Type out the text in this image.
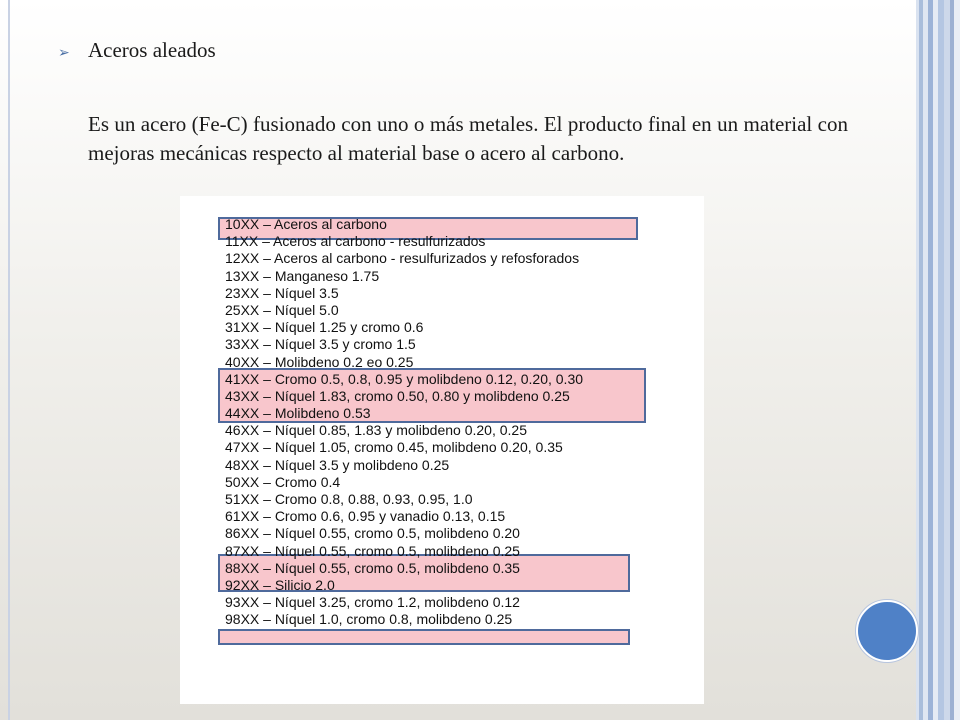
➢ Aceros aleados
Es un acero (Fe-C) fusionado con uno o más metales. El producto final en un material con mejoras mecánicas respecto al material base o acero al carbono.
10XX – Aceros al carbono
11XX – Aceros al carbono - resulfurizados
12XX – Aceros al carbono - resulfurizados y refosforados
13XX – Manganeso 1.75
23XX – Níquel 3.5
25XX – Níquel 5.0
31XX – Níquel 1.25 y cromo 0.6
33XX – Níquel 3.5 y cromo 1.5
40XX – Molibdeno 0.2 eo 0.25
41XX – Cromo 0.5, 0.8, 0.95 y molibdeno 0.12, 0.20, 0.30
43XX – Níquel 1.83, cromo 0.50, 0.80 y molibdeno 0.25
44XX – Molibdeno 0.53
46XX – Níquel 0.85, 1.83 y molibdeno 0.20, 0.25
47XX – Níquel 1.05, cromo 0.45, molibdeno 0.20, 0.35
48XX – Níquel 3.5 y molibdeno 0.25
50XX – Cromo 0.4
51XX – Cromo 0.8, 0.88, 0.93, 0.95, 1.0
61XX – Cromo 0.6, 0.95 y vanadio 0.13, 0.15
86XX – Níquel 0.55, cromo 0.5, molibdeno 0.20
87XX – Níquel 0.55, cromo 0.5, molibdeno 0.25
88XX – Níquel 0.55, cromo 0.5, molibdeno 0.35
92XX – Silicio 2.0
93XX – Níquel 3.25, cromo 1.2, molibdeno 0.12
98XX – Níquel 1.0, cromo 0.8, molibdeno 0.25
